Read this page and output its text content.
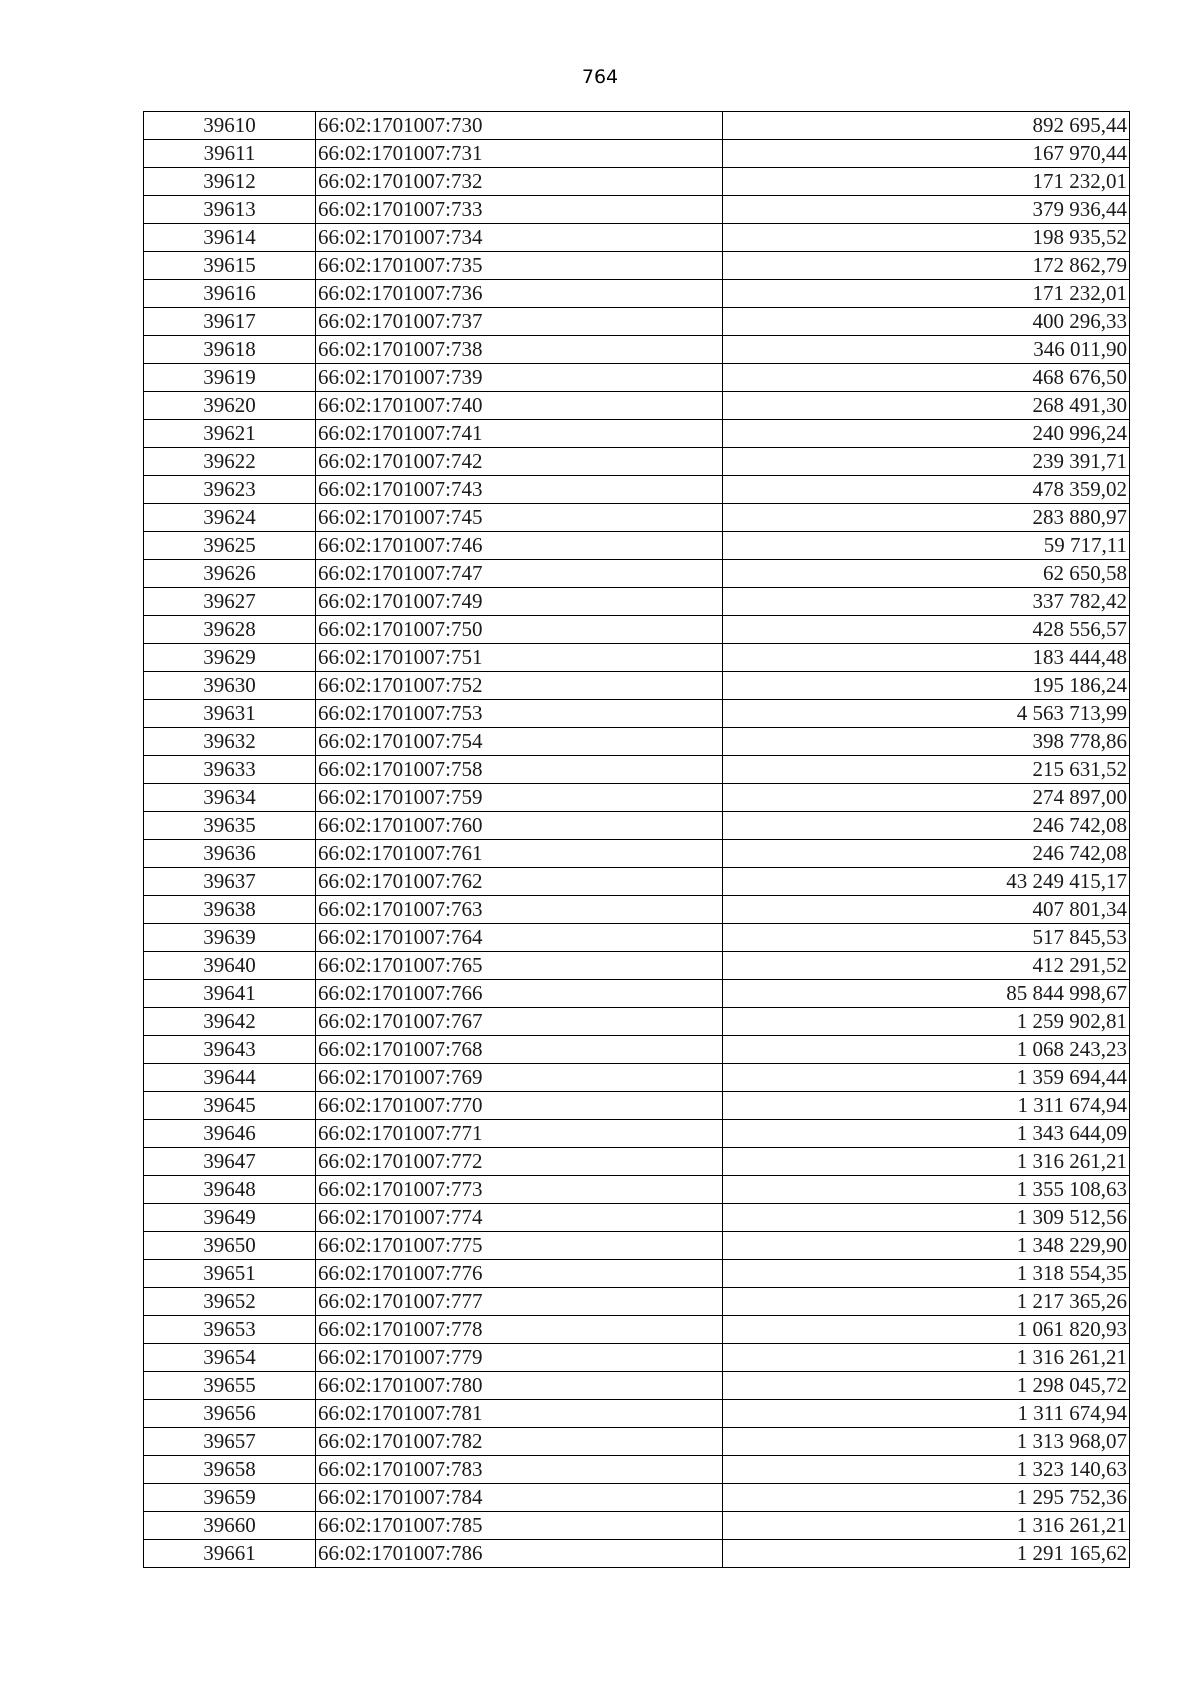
764
39610	66:02:1701007:730	892 695,44
39611	66:02:1701007:731	167 970,44
39612	66:02:1701007:732	171 232,01
39613	66:02:1701007:733	379 936,44
39614	66:02:1701007:734	198 935,52
39615	66:02:1701007:735	172 862,79
39616	66:02:1701007:736	171 232,01
39617	66:02:1701007:737	400 296,33
39618	66:02:1701007:738	346 011,90
39619	66:02:1701007:739	468 676,50
39620	66:02:1701007:740	268 491,30
39621	66:02:1701007:741	240 996,24
39622	66:02:1701007:742	239 391,71
39623	66:02:1701007:743	478 359,02
39624	66:02:1701007:745	283 880,97
39625	66:02:1701007:746	59 717,11
39626	66:02:1701007:747	62 650,58
39627	66:02:1701007:749	337 782,42
39628	66:02:1701007:750	428 556,57
39629	66:02:1701007:751	183 444,48
39630	66:02:1701007:752	195 186,24
39631	66:02:1701007:753	4 563 713,99
39632	66:02:1701007:754	398 778,86
39633	66:02:1701007:758	215 631,52
39634	66:02:1701007:759	274 897,00
39635	66:02:1701007:760	246 742,08
39636	66:02:1701007:761	246 742,08
39637	66:02:1701007:762	43 249 415,17
39638	66:02:1701007:763	407 801,34
39639	66:02:1701007:764	517 845,53
39640	66:02:1701007:765	412 291,52
39641	66:02:1701007:766	85 844 998,67
39642	66:02:1701007:767	1 259 902,81
39643	66:02:1701007:768	1 068 243,23
39644	66:02:1701007:769	1 359 694,44
39645	66:02:1701007:770	1 311 674,94
39646	66:02:1701007:771	1 343 644,09
39647	66:02:1701007:772	1 316 261,21
39648	66:02:1701007:773	1 355 108,63
39649	66:02:1701007:774	1 309 512,56
39650	66:02:1701007:775	1 348 229,90
39651	66:02:1701007:776	1 318 554,35
39652	66:02:1701007:777	1 217 365,26
39653	66:02:1701007:778	1 061 820,93
39654	66:02:1701007:779	1 316 261,21
39655	66:02:1701007:780	1 298 045,72
39656	66:02:1701007:781	1 311 674,94
39657	66:02:1701007:782	1 313 968,07
39658	66:02:1701007:783	1 323 140,63
39659	66:02:1701007:784	1 295 752,36
39660	66:02:1701007:785	1 316 261,21
39661	66:02:1701007:786	1 291 165,62
